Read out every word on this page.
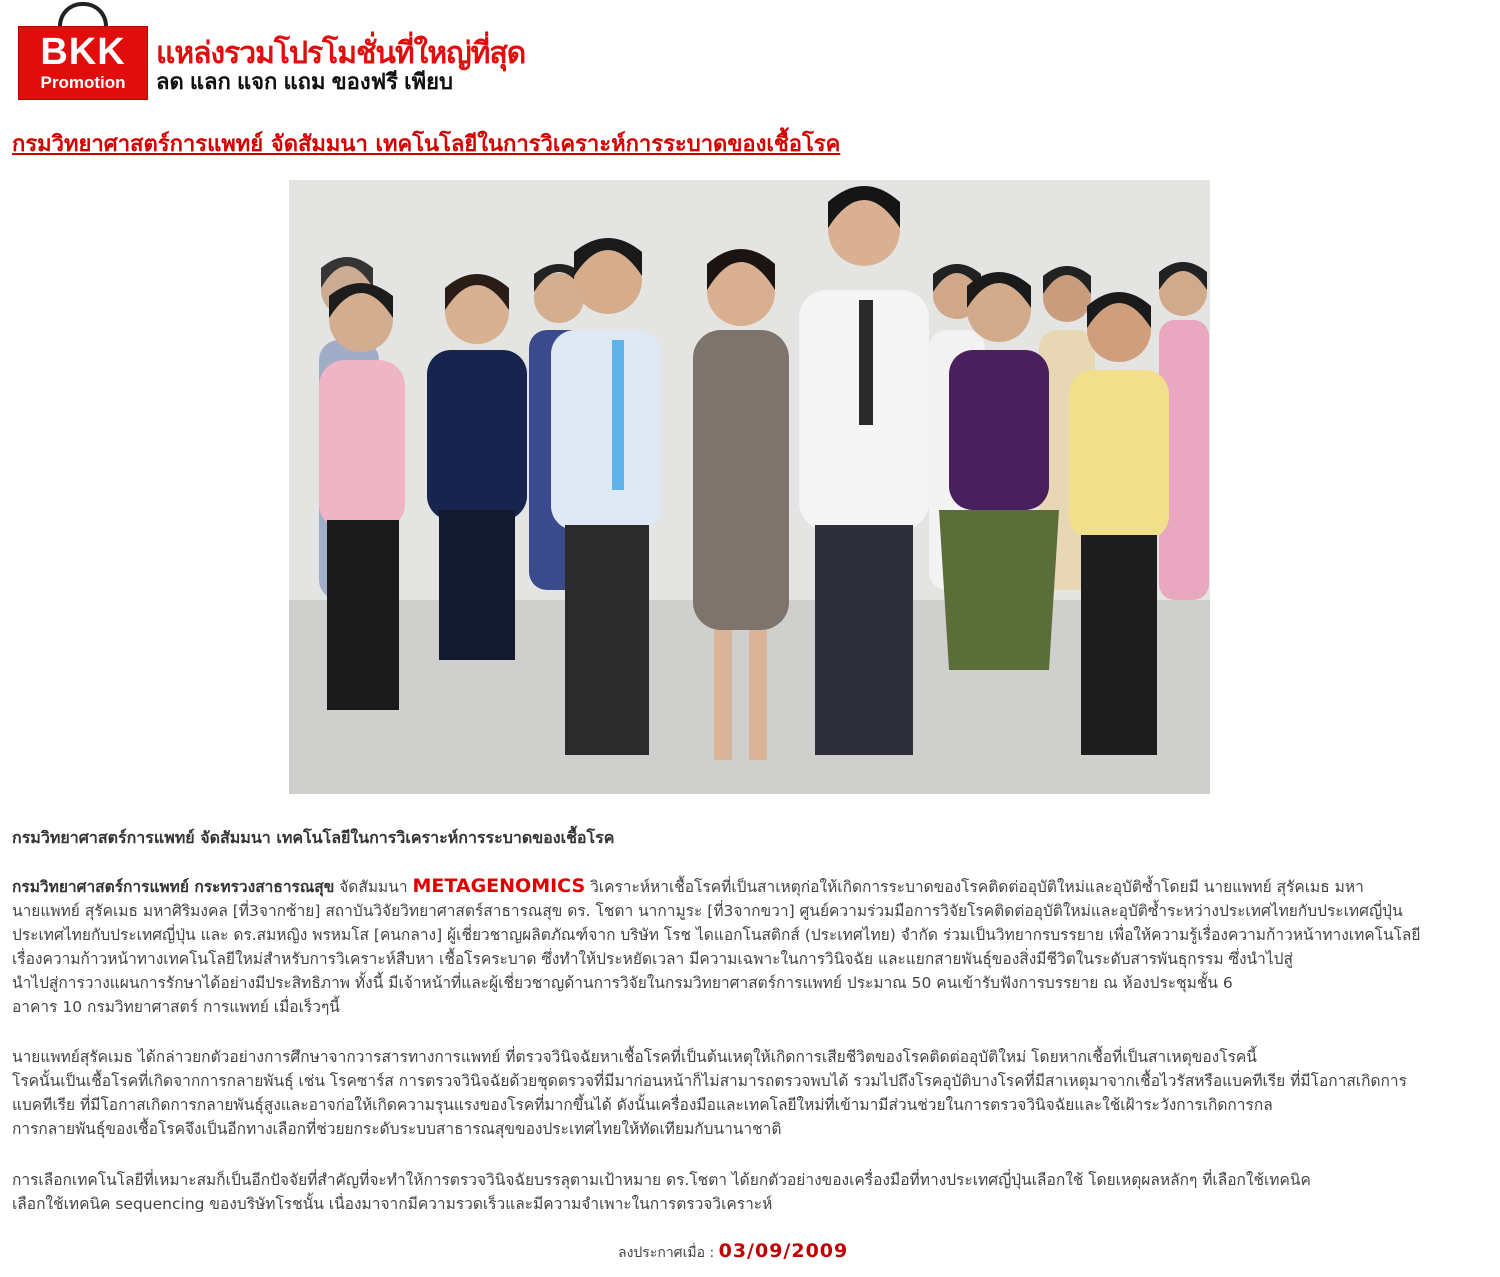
BKK
Promotion
แหล่งรวมโปรโมชั่นที่ใหญ่ที่สุด
ลด แลก แจก แถม ของฟรี เพียบ
กรมวิทยาศาสตร์การแพทย์ จัดสัมมนา เทคโนโลยีในการวิเคราะห์การระบาดของเชื้อโรค
กรมวิทยาศาสตร์การแพทย์ จัดสัมมนา เทคโนโลยีในการวิเคราะห์การระบาดของเชื้อโรค
กรมวิทยาศาสตร์การแพทย์ กระทรวงสาธารณสุข จัดสัมมนา METAGENOMICS วิเคราะห์หาเชื้อโรคที่เป็นสาเหตุก่อให้เกิดการระบาดของโรคติดต่ออุบัติใหม่และอุบัติซ้ำโดยมี นายแพทย์ สุรัคเมธ มหา
นายแพทย์ สุรัคเมธ มหาศิริมงคล [ที่3จากซ้าย] สถาบันวิจัยวิทยาศาสตร์สาธารณสุข ดร. โชตา นากามูระ [ที่3จากขวา] ศูนย์ความร่วมมือการวิจัยโรคติดต่ออุบัติใหม่และอุบัติซ้ำระหว่างประเทศไทยกับประเทศญี่ปุ่น
ประเทศไทยกับประเทศญี่ปุ่น และ ดร.สมหญิง พรหมโส [คนกลาง] ผู้เชี่ยวชาญผลิตภัณฑ์จาก บริษัท โรช ไดแอกโนสติกส์ (ประเทศไทย) จำกัด ร่วมเป็นวิทยากรบรรยาย เพื่อให้ความรู้เรื่องความก้าวหน้าทางเทคโนโลยี
เรื่องความก้าวหน้าทางเทคโนโลยีใหม่สำหรับการวิเคราะห์สืบหา เชื้อโรคระบาด ซึ่งทำให้ประหยัดเวลา มีความเฉพาะในการวินิจฉัย และแยกสายพันธุ์ของสิ่งมีชีวิตในระดับสารพันธุกรรม ซึ่งนำไปสู่
นำไปสู่การวางแผนการรักษาได้อย่างมีประสิทธิภาพ ทั้งนี้ มีเจ้าหน้าที่และผู้เชี่ยวชาญด้านการวิจัยในกรมวิทยาศาสตร์การแพทย์ ประมาณ 50 คนเข้ารับฟังการบรรยาย ณ ห้องประชุมชั้น 6
อาคาร 10 กรมวิทยาศาสตร์ การแพทย์ เมื่อเร็วๆนี้
นายแพทย์สุรัคเมธ ได้กล่าวยกตัวอย่างการศึกษาจากวารสารทางการแพทย์ ที่ตรวจวินิจฉัยหาเชื้อโรคที่เป็นต้นเหตุให้เกิดการเสียชีวิตของโรคติดต่ออุบัติใหม่ โดยหากเชื้อที่เป็นสาเหตุของโรคนี้
โรคนั้นเป็นเชื้อโรคที่เกิดจากการกลายพันธุ์ เช่น โรคซาร์ส การตรวจวินิจฉัยด้วยชุดตรวจที่มีมาก่อนหน้าก็ไม่สามารถตรวจพบได้ รวมไปถึงโรคอุบัติบางโรคที่มีสาเหตุมาจากเชื้อไวรัสหรือแบคทีเรีย ที่มีโอกาสเกิดการ
แบคทีเรีย ที่มีโอกาสเกิดการกลายพันธุ์สูงและอาจก่อให้เกิดความรุนแรงของโรคที่มากขึ้นได้ ดังนั้นเครื่องมือและเทคโลยีใหม่ที่เข้ามามีส่วนช่วยในการตรวจวินิจฉัยและใช้เฝ้าระวังการเกิดการกล
การกลายพันธุ์ของเชื้อโรคจึงเป็นอีกทางเลือกที่ช่วยยกระดับระบบสาธารณสุขของประเทศไทยให้ทัดเทียมกับนานาชาติ
การเลือกเทคโนโลยีที่เหมาะสมก็เป็นอีกปัจจัยที่สำคัญที่จะทำให้การตรวจวินิจฉัยบรรลุตามเป้าหมาย ดร.โชตา ได้ยกตัวอย่างของเครื่องมือที่ทางประเทศญี่ปุ่นเลือกใช้ โดยเหตุผลหลักๆ ที่เลือกใช้เทคนิค
เลือกใช้เทคนิค sequencing ของบริษัทโรชนั้น เนื่องมาจากมีความรวดเร็วและมีความจำเพาะในการตรวจวิเคราะห์
ลงประกาศเมื่อ : 03/09/2009
